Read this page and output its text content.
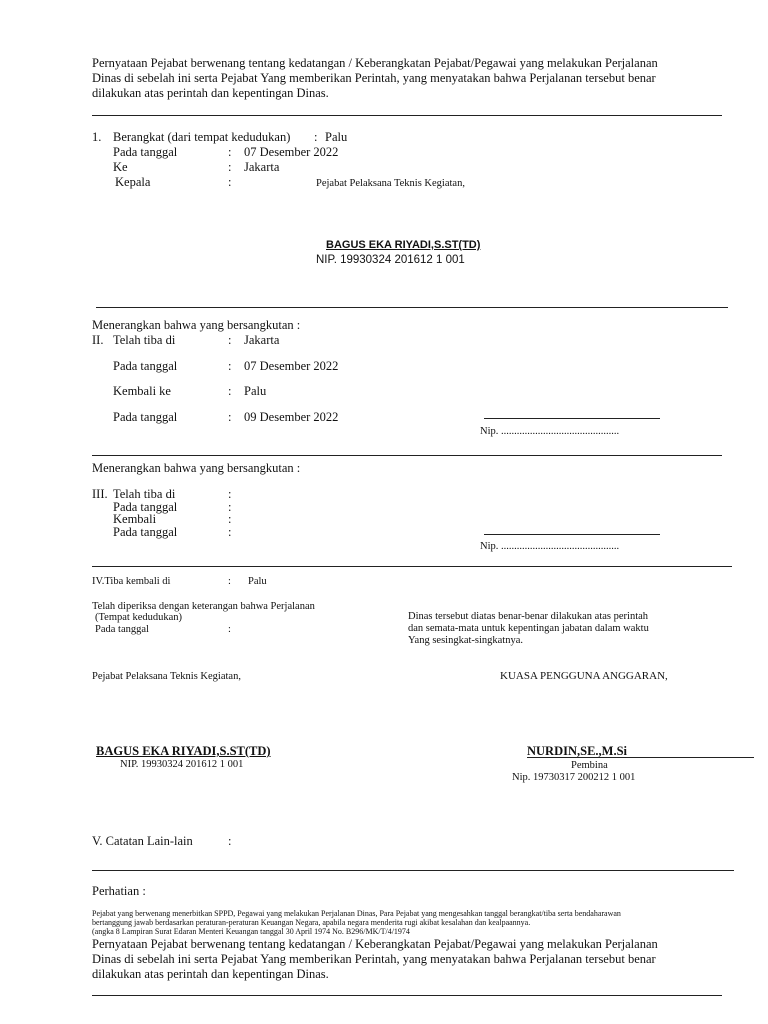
Pernyataan Pejabat berwenang tentang kedatangan / Keberangkatan Pejabat/Pegawai yang melakukan Perjalanan
Dinas di sebelah ini serta Pejabat Yang memberikan Perintah, yang menyatakan bahwa Perjalanan tersebut benar
dilakukan atas perintah dan kepentingan Dinas.
1. Berangkat (dari tempat kedudukan) : Palu
Pada tanggal	: 07 Desember 2022
Ke	: Jakarta
Kepala	:	Pejabat Pelaksana Teknis Kegiatan,
BAGUS EKA RIYADI,S.ST(TD)
NIP. 19930324 201612 1 001
Menerangkan bahwa yang bersangkutan :
II. Telah tiba di	: Jakarta
Pada tanggal	: 07 Desember 2022
Kembali ke	: Palu
Pada tanggal	: 09 Desember 2022
Nip. .............................................
Menerangkan bahwa yang bersangkutan :
III. Telah tiba di	:
Pada tanggal	:
Kembali	:
Pada tanggal	:
Nip. .............................................
IV.Tiba kembali di	: Palu
Telah diperiksa dengan keterangan bahwa Perjalanan
(Tempat kedudukan)
Pada tanggal	:
Dinas tersebut diatas benar-benar dilakukan atas perintah
dan semata-mata untuk kepentingan jabatan dalam waktu
Yang sesingkat-singkatnya.
Pejabat Pelaksana Teknis Kegiatan,	KUASA PENGGUNA ANGGARAN,
BAGUS EKA RIYADI,S.ST(TD)
NIP. 19930324 201612 1 001
NURDIN,SE.,M.Si
Pembina
Nip. 19730317 200212 1 001
V. Catatan Lain-lain	:
Perhatian :
Pejabat yang berwenang menerbitkan SPPD, Pegawai yang melakukan Perjalanan Dinas, Para Pejabat yang mengesahkan tanggal berangkat/tiba serta bendaharawan
bertanggung jawab berdasarkan peraturan-peraturan Keuangan Negara, apabila negara menderita rugi akibat kesalahan dan kealpaannya.
(angka 8 Lampiran Surat Edaran Menteri Keuangan tanggal 30 April 1974 No. B296/MK/T/4/1974
Pernyataan Pejabat berwenang tentang kedatangan / Keberangkatan Pejabat/Pegawai yang melakukan Perjalanan
Dinas di sebelah ini serta Pejabat Yang memberikan Perintah, yang menyatakan bahwa Perjalanan tersebut benar
dilakukan atas perintah dan kepentingan Dinas.
